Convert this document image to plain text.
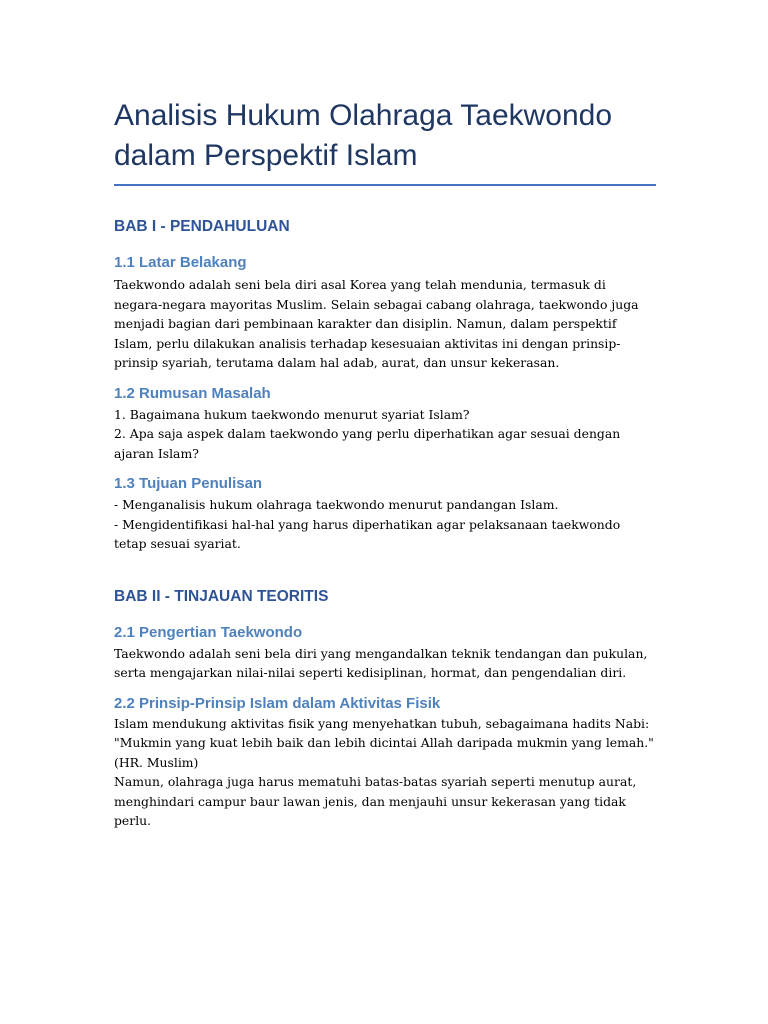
Analisis Hukum Olahraga Taekwondo dalam Perspektif Islam
BAB I - PENDAHULUAN
1.1 Latar Belakang

Taekwondo adalah seni bela diri asal Korea yang telah mendunia, termasuk di negara-negara mayoritas Muslim. Selain sebagai cabang olahraga, taekwondo juga menjadi bagian dari pembinaan karakter dan disiplin. Namun, dalam perspektif Islam, perlu dilakukan analisis terhadap kesesuaian aktivitas ini dengan prinsip-prinsip syariah, terutama dalam hal adab, aurat, dan unsur kekerasan.

1.2 Rumusan Masalah

1. Bagaimana hukum taekwondo menurut syariat Islam?
2. Apa saja aspek dalam taekwondo yang perlu diperhatikan agar sesuai dengan ajaran Islam?

1.3 Tujuan Penulisan

- Menganalisis hukum olahraga taekwondo menurut pandangan Islam.
- Mengidentifikasi hal-hal yang harus diperhatikan agar pelaksanaan taekwondo tetap sesuai syariat.

BAB II - TINJAUAN TEORITIS
2.1 Pengertian Taekwondo

Taekwondo adalah seni bela diri yang mengandalkan teknik tendangan dan pukulan, serta mengajarkan nilai-nilai seperti kedisiplinan, hormat, dan pengendalian diri.

2.2 Prinsip-Prinsip Islam dalam Aktivitas Fisik

Islam mendukung aktivitas fisik yang menyehatkan tubuh, sebagaimana hadits Nabi: "Mukmin yang kuat lebih baik dan lebih dicintai Allah daripada mukmin yang lemah." (HR. Muslim)
Namun, olahraga juga harus mematuhi batas-batas syariah seperti menutup aurat, menghindari campur baur lawan jenis, dan menjauhi unsur kekerasan yang tidak perlu.
